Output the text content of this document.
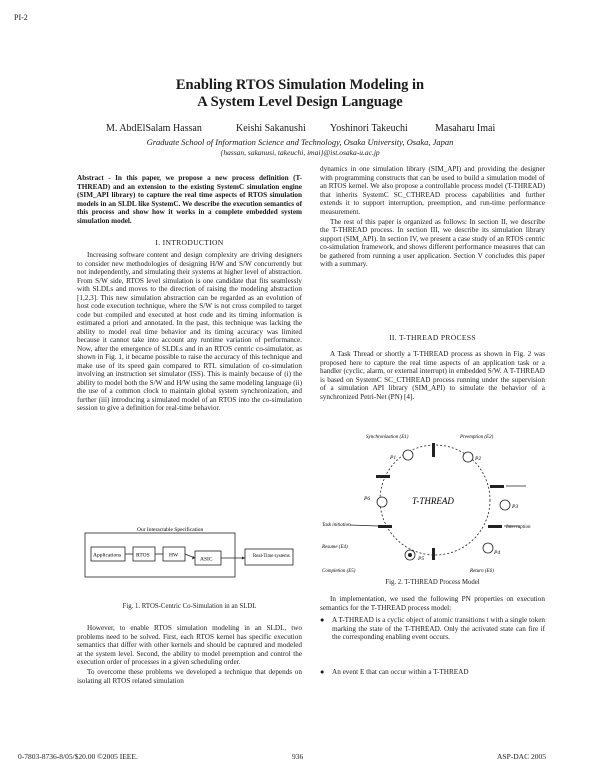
PI-2
Enabling RTOS Simulation Modeling in
A System Level Design Language
M. AbdElSalam Hassan	Keishi Sakanushi Yoshinori Takeuchi	Masaharu Imai
Graduate School of Information Science and Technology, Osaka University, Osaka, Japan
{hassan, sakanusi, takeuchi, imai}@ist.osaka-u.ac.jp
Abstract - In this paper, we propose a new process definition (T-THREAD) and an extension to the existing SystemC simulation engine (SIM_API library) to capture the real time aspects of RTOS simulation models in an SLDL like SystemC. We describe the execution semantics of this process and show how it works in a complete embedded system simulation model.
I. INTRODUCTION

Increasing software content and design complexity are driving designers to consider new methodologies of designing H/W and S/W concurrently but not independently, and simulating their systems at higher level of abstraction. From S/W side, RTOS level simulation is one candidate that fits seamlessly with SLDLs and moves to the direction of raising the modeling abstraction [1,2,3]. This new simulation abstraction can be regarded as an evolution of host code execution technique, where the S/W is not cross compiled to target code but compiled and executed at host code and its timing information is estimated a priori and annotated. In the past, this technique was lacking the ability to model real time behavior and its timing accuracy was limited because it cannot take into account any runtime variation of performance. Now, after the emergence of SLDLs and in an RTOS centric co-simulator, as shown in Fig. 1, it became possible to raise the accuracy of this technique and make use of its speed gain compared to RTL simulation of co-simulation involving an instruction set simulator (ISS). This is mainly because of (i) the ability to model both the S/W and H/W using the same modeling language (ii) the use of a common clock to maintain global system synchronization, and further (iii) introducing a simulated model of an RTOS into the co-simulation session to give a definition for real-time behavior.

Our Interactable Specification
Applications	RTOS	HW
ASIC	Real-Time systems
Fig. 1. RTOS-Centric Co-Simulation in an SLDL

However, to enable RTOS simulation modeling in an SLDL, two problems need to be solved. First, each RTOS kernel has specific execution semantics that differ with other kernels and should be captured and modeled at the system level. Second, the ability to model preemption and control the execution order of processes in a given scheduling order.

To overcome these problems we developed a technique that depends on isolating all RTOS related simulation

dynamics in one simulation library (SIM_API) and providing the designer with programming constructs that can be used to build a simulation model of an RTOS kernel. We also propose a controllable process model (T-THREAD) that inherits SystemC SC_CTHREAD process capabilities and further extends it to support interruption, preemption, and run-time performance measurement.

The rest of this paper is organized as follows: In section II, we describe the T-THREAD process. In section III, we describe its simulation library support (SIM_API). In section IV, we present a case study of an RTOS centric co-simulation framework, and shows different performance measures that can be gathered from running a user application. Section V concludes this paper with a summary.

II. T-THREAD PROCESS

A Task Thread or shortly a T-THREAD process as shown in Fig. 2 was proposed here to capture the real time aspects of an application task or a handler (cyclic, alarm, or external interrupt) in embedded S/W. A T-THREAD is based on SystemC SC_CTHREAD process running under the supervision of a simulation API library (SIM_API) to simulate the behavior of a synchronized Petri-Net (PN) [4].

T-THREAD
P1	P2
P3
P4
P5
P6
Synchronization (E1)	Preemption (E2)
Task initiation	Interruption
Resume (E4)
Completion (E5)	Return (E6)
Fig. 2. T-THREAD Process Model

In implementation, we used the following PN properties on execution semantics for the T-THREAD process model:

● A T-THREAD is a cyclic object of atomic transitions t with a single token marking the state of the T-THREAD. Only the activated state can fire if the corresponding enabling event occurs.
● An event E that can occur within a T-THREAD
0-7803-8736-8/05/$20.00 ©2005 IEEE.	936	ASP-DAC 2005
